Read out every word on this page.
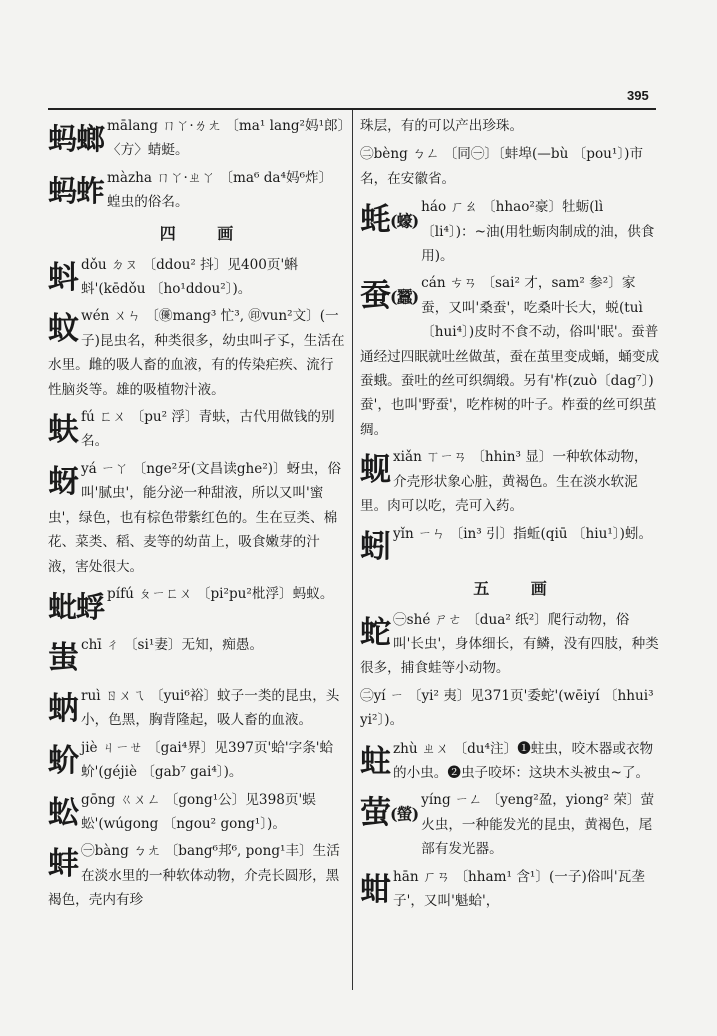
395
蚂螂 mālang ㄇㄚ·ㄌㄤ 〔ma¹ lang²妈¹郎〕〈方〉蜻蜓。
蚂蚱 màzha ㄇㄚ·ㄓㄚ 〔ma⁶ da⁴妈⁶炸〕蝗虫的俗名。
四 画
蚪 dǒu ㄉㄡ 〔ddou² 抖〕见400页'蝌蚪'(kēdǒu 〔ho¹ddou²〕)。
蚊 wén ㄨㄣ 〔㊝mang³ 忙³, ㊞vun²文〕(一子)昆虫名，种类很多，幼虫叫孑孓，生活在水里。雌的吸人畜的血液，有的传染疟疾、流行性脑炎等。雄的吸植物汁液。
蚨 fú ㄈㄨ 〔pu² 浮〕青蚨，古代用做钱的别名。
蚜 yá ㄧㄚ 〔nge²牙(文昌读ghe²)〕蚜虫，俗叫'腻虫'，能分泌一种甜液，所以又叫'蜜虫'，绿色，也有棕色带紫红色的。生在豆类、棉花、菜类、稻、麦等的幼苗上，吸食嫩芽的汁液，害处很大。
蚍蜉 pífú ㄆㄧㄈㄨ 〔pi²pu²枇浮〕蚂蚁。
蚩 chī ㄔ 〔si¹妻〕无知，痴愚。
蚋 ruì ㄖㄨㄟ 〔yui⁶裕〕蚊子一类的昆虫，头小，色黑，胸背隆起，吸人畜的血液。
蚧 jiè ㄐㄧㄝ 〔gai⁴界〕见397页'蛤'字条'蛤蚧'(géjiè 〔gab⁷ gai⁴〕)。
蚣 gōng ㄍㄨㄥ 〔gong¹公〕见398页'蜈蚣'(wúgong 〔ngou² gong¹〕)。
蚌 ㊀bàng ㄅㄤ 〔bang⁶邦⁶, pong¹丰〕生活在淡水里的一种软体动物，介壳长圆形，黑褐色，壳内有珍
珠层，有的可以产出珍珠。
㊁bèng ㄅㄥ 〔同㊀〕〔蚌埠(—bù 〔pou¹〕)市名，在安徽省。
蚝(蠔)
háo ㄏㄠ 〔hhao²豪〕牡蛎(lì 〔li⁴〕)：~油(用牡蛎肉制成的油，供食用)。
蚕(蠶)
cán ㄘㄢ 〔sai² 才，sam² 参²〕家蚕，又叫'桑蚕'，吃桑叶长大，蜕(tuì 〔hui⁴〕)皮时不食不动，俗叫'眠'。蚕普通经过四眠就吐丝做茧，蚕在茧里变成蛹，蛹变成蚕蛾。蚕吐的丝可织绸缎。另有'柞(zuò〔dag⁷〕)蚕'，也叫'野蚕'，吃柞树的叶子。柞蚕的丝可织茧绸。
蚬 xiǎn ㄒㄧㄢ 〔hhin³ 显〕一种软体动物，介壳形状象心脏，黄褐色。生在淡水软泥里。肉可以吃，壳可入药。
蚓 yǐn ㄧㄣ 〔in³ 引〕指蚯(qiū 〔hiu¹〕)蚓。
五 画
蛇 ㊀shé ㄕㄜ 〔dua² 纸²〕爬行动物，俗叫'长虫'，身体细长，有鳞，没有四肢，种类很多，捕食蛙等小动物。
㊁yí ㄧ 〔yi² 夷〕见371页'委蛇'(wēiyí 〔hhui³ yi²〕)。
蛀 zhù ㄓㄨ 〔du⁴注〕❶蛀虫，咬木器或衣物的小虫。❷虫子咬坏：这块木头被虫~了。
萤(螢)
yíng ㄧㄥ 〔yeng²盈，yiong² 荣〕萤火虫，一种能发光的昆虫，黄褐色，尾部有发光器。
蚶 hān ㄏㄢ 〔hham¹ 含¹〕(一子)俗叫'瓦垄子'，又叫'魁蛤'，
